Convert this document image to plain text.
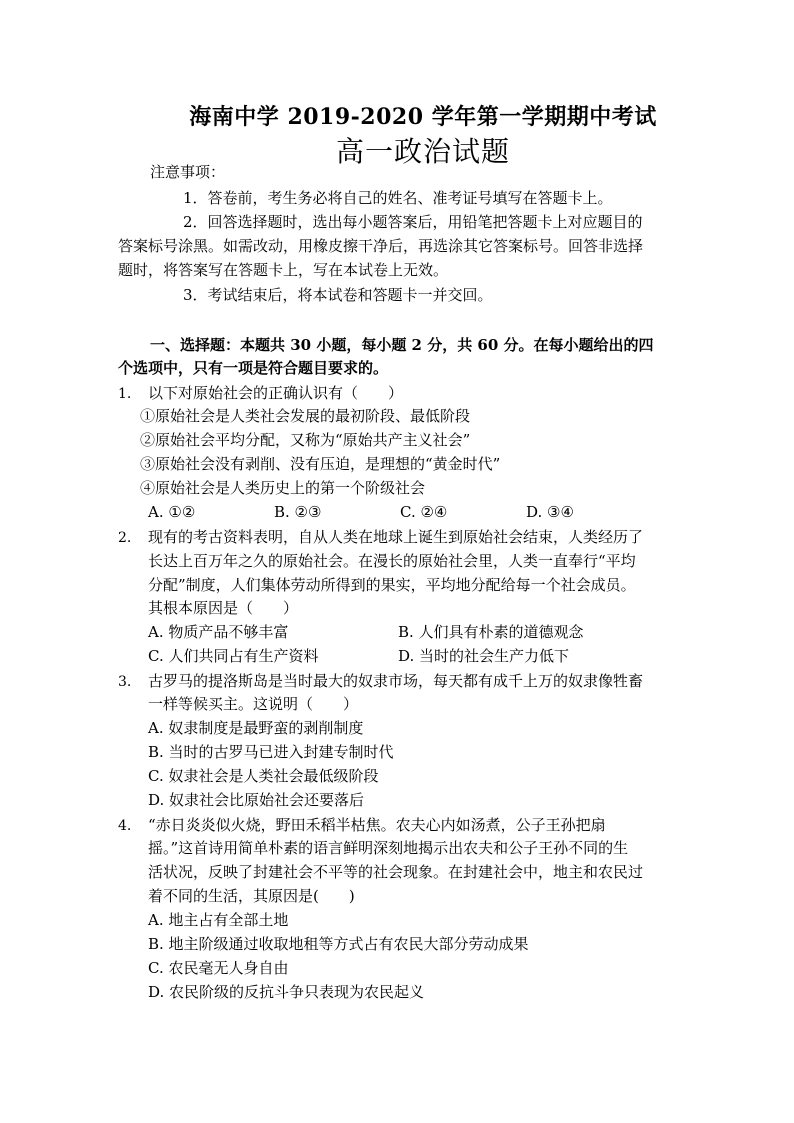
海南中学 2019-2020 学年第一学期期中考试
高一政治试题
注意事项：
1．答卷前，考生务必将自己的姓名、准考证号填写在答题卡上。
2．回答选择题时，选出每小题答案后，用铅笔把答题卡上对应题目的
答案标号涂黑。如需改动，用橡皮擦干净后，再选涂其它答案标号。回答非选择
题时，将答案写在答题卡上，写在本试卷上无效。
3．考试结束后，将本试卷和答题卡一并交回。
一、选择题：本题共 30 小题，每小题 2 分，共 60 分。在每小题给出的四
个选项中，只有一项是符合题目要求的。
1. 以下对原始社会的正确认识有（　　）
①原始社会是人类社会发展的最初阶段、最低阶段
②原始社会平均分配，又称为“原始共产主义社会”
③原始社会没有剥削、没有压迫，是理想的“黄金时代”
④原始社会是人类历史上的第一个阶级社会
A. ①②	B. ②③	C. ②④	D. ③④
2. 现有的考古资料表明，自从人类在地球上诞生到原始社会结束，人类经历了
长达上百万年之久的原始社会。在漫长的原始社会里，人类一直奉行“平均
分配”制度，人们集体劳动所得到的果实，平均地分配给每一个社会成员。
其根本原因是（　　）
A. 物质产品不够丰富	B. 人们具有朴素的道德观念
C. 人们共同占有生产资料	D. 当时的社会生产力低下
3. 古罗马的提洛斯岛是当时最大的奴隶市场，每天都有成千上万的奴隶像牲畜
一样等候买主。这说明（　　）
A. 奴隶制度是最野蛮的剥削制度
B. 当时的古罗马已进入封建专制时代
C. 奴隶社会是人类社会最低级阶段
D. 奴隶社会比原始社会还要落后
4. “赤日炎炎似火烧，野田禾稻半枯焦。农夫心内如汤煮，公子王孙把扇
摇。”这首诗用简单朴素的语言鲜明深刻地揭示出农夫和公子王孙不同的生
活状况，反映了封建社会不平等的社会现象。在封建社会中，地主和农民过
着不同的生活，其原因是(　　)
A. 地主占有全部土地
B. 地主阶级通过收取地租等方式占有农民大部分劳动成果
C. 农民毫无人身自由
D. 农民阶级的反抗斗争只表现为农民起义
